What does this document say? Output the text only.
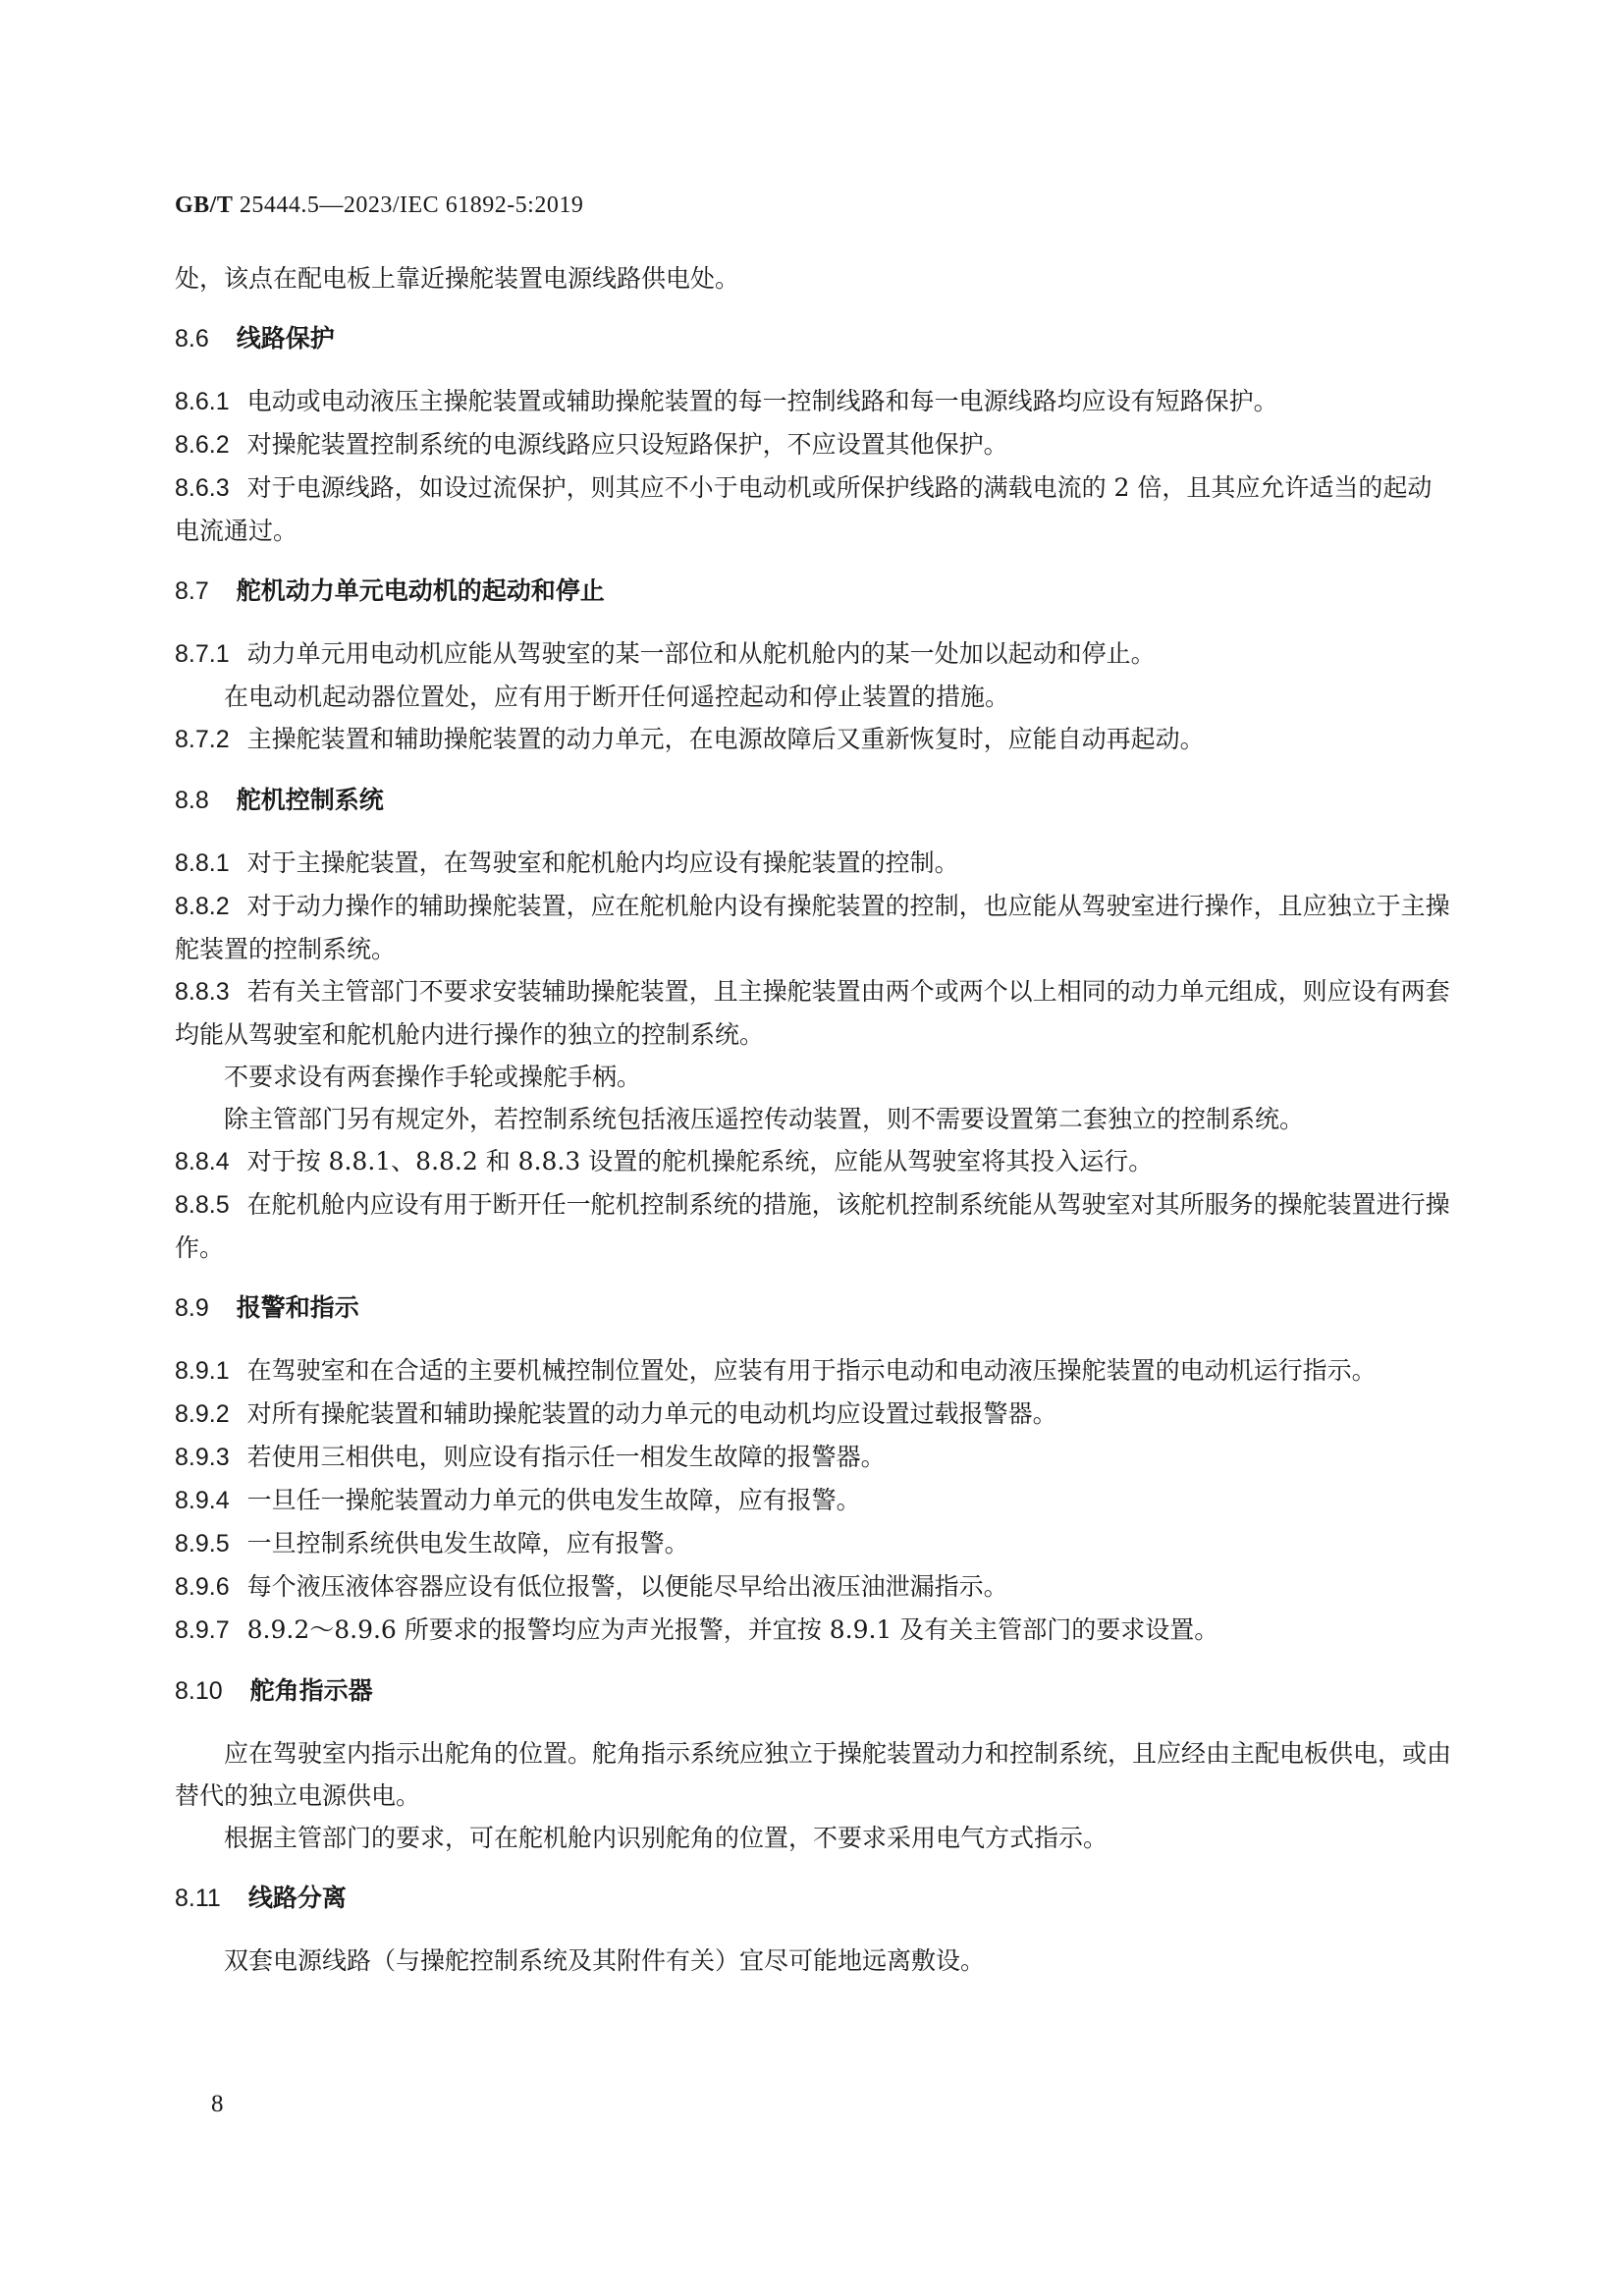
GB/T 25444.5—2023/IEC 61892-5:2019
处，该点在配电板上靠近操舵装置电源线路供电处。
8.6 线路保护
8.6.1 电动或电动液压主操舵装置或辅助操舵装置的每一控制线路和每一电源线路均应设有短路保护。
8.6.2 对操舵装置控制系统的电源线路应只设短路保护，不应设置其他保护。
8.6.3 对于电源线路，如设过流保护，则其应不小于电动机或所保护线路的满载电流的 2 倍，且其应允许适当的起动电流通过。
8.7 舵机动力单元电动机的起动和停止
8.7.1 动力单元用电动机应能从驾驶室的某一部位和从舵机舱内的某一处加以起动和停止。
在电动机起动器位置处，应有用于断开任何遥控起动和停止装置的措施。
8.7.2 主操舵装置和辅助操舵装置的动力单元，在电源故障后又重新恢复时，应能自动再起动。
8.8 舵机控制系统
8.8.1 对于主操舵装置，在驾驶室和舵机舱内均应设有操舵装置的控制。
8.8.2 对于动力操作的辅助操舵装置，应在舵机舱内设有操舵装置的控制，也应能从驾驶室进行操作，且应独立于主操舵装置的控制系统。
8.8.3 若有关主管部门不要求安装辅助操舵装置，且主操舵装置由两个或两个以上相同的动力单元组成，则应设有两套均能从驾驶室和舵机舱内进行操作的独立的控制系统。
不要求设有两套操作手轮或操舵手柄。
除主管部门另有规定外，若控制系统包括液压遥控传动装置，则不需要设置第二套独立的控制系统。
8.8.4 对于按 8.8.1、8.8.2 和 8.8.3 设置的舵机操舵系统，应能从驾驶室将其投入运行。
8.8.5 在舵机舱内应设有用于断开任一舵机控制系统的措施，该舵机控制系统能从驾驶室对其所服务的操舵装置进行操作。
8.9 报警和指示
8.9.1 在驾驶室和在合适的主要机械控制位置处，应装有用于指示电动和电动液压操舵装置的电动机运行指示。
8.9.2 对所有操舵装置和辅助操舵装置的动力单元的电动机均应设置过载报警器。
8.9.3 若使用三相供电，则应设有指示任一相发生故障的报警器。
8.9.4 一旦任一操舵装置动力单元的供电发生故障，应有报警。
8.9.5 一旦控制系统供电发生故障，应有报警。
8.9.6 每个液压液体容器应设有低位报警，以便能尽早给出液压油泄漏指示。
8.9.7 8.9.2～8.9.6 所要求的报警均应为声光报警，并宜按 8.9.1 及有关主管部门的要求设置。
8.10 舵角指示器
应在驾驶室内指示出舵角的位置。舵角指示系统应独立于操舵装置动力和控制系统，且应经由主配电板供电，或由替代的独立电源供电。
根据主管部门的要求，可在舵机舱内识别舵角的位置，不要求采用电气方式指示。
8.11 线路分离
双套电源线路（与操舵控制系统及其附件有关）宜尽可能地远离敷设。
8
